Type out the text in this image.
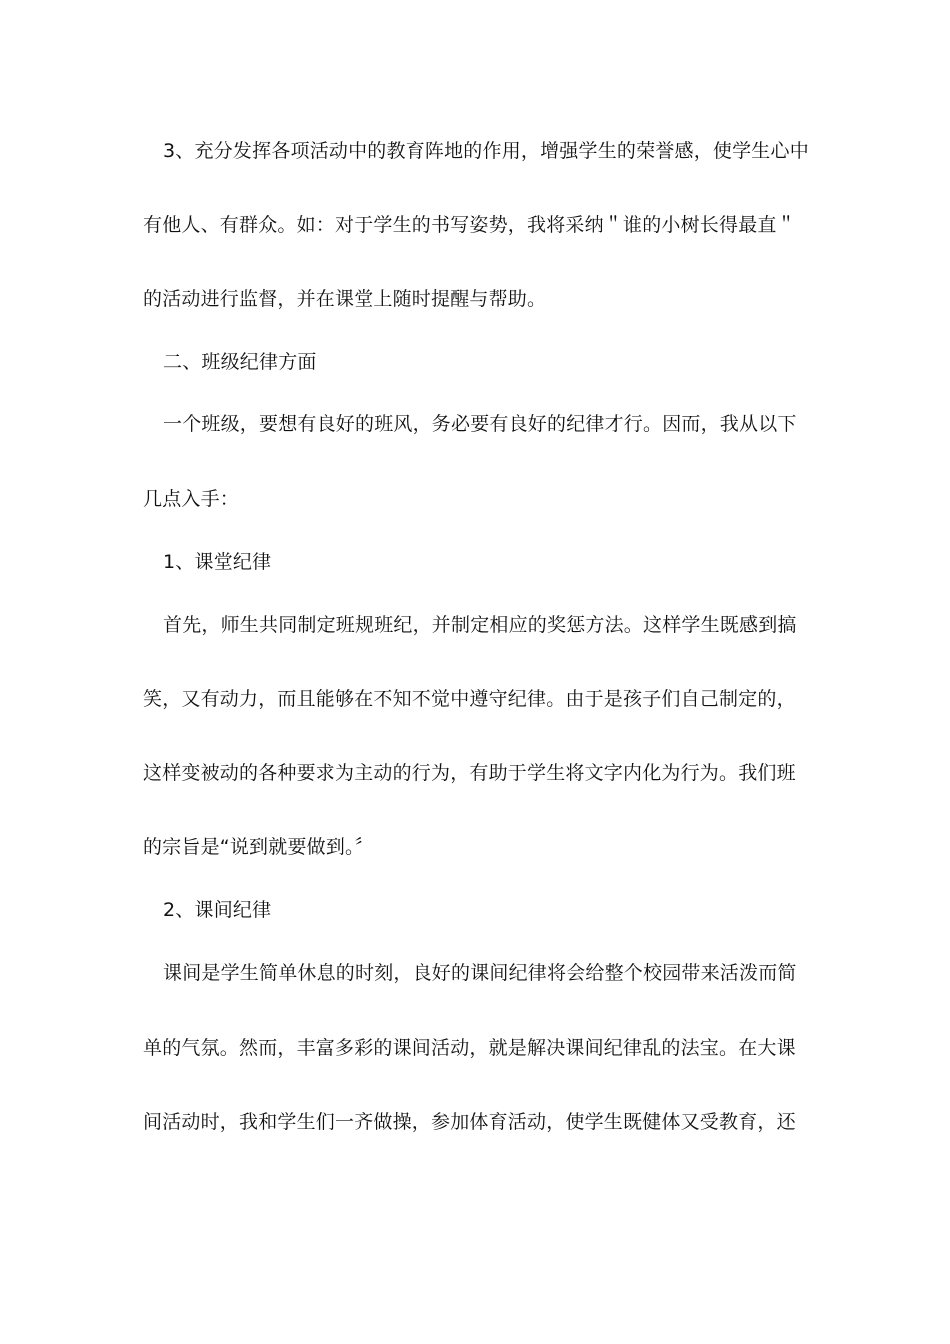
3、充分发挥各项活动中的教育阵地的作用，增强学生的荣誉感，使学生心中
有他人、有群众。如：对于学生的书写姿势，我将采纳＂谁的小树长得最直＂
的活动进行监督，并在课堂上随时提醒与帮助。
二、班级纪律方面
一个班级，要想有良好的班风，务必要有良好的纪律才行。因而，我从以下
几点入手：
1、课堂纪律
首先，师生共同制定班规班纪，并制定相应的奖惩方法。这样学生既感到搞
笑，又有动力，而且能够在不知不觉中遵守纪律。由于是孩子们自己制定的，
这样变被动的各种要求为主动的行为，有助于学生将文字内化为行为。我们班
的宗旨是“说到就要做到。〞
2、课间纪律
课间是学生简单休息的时刻，良好的课间纪律将会给整个校园带来活泼而简
单的气氛。然而，丰富多彩的课间活动，就是解决课间纪律乱的法宝。在大课
间活动时，我和学生们一齐做操，参加体育活动，使学生既健体又受教育，还
